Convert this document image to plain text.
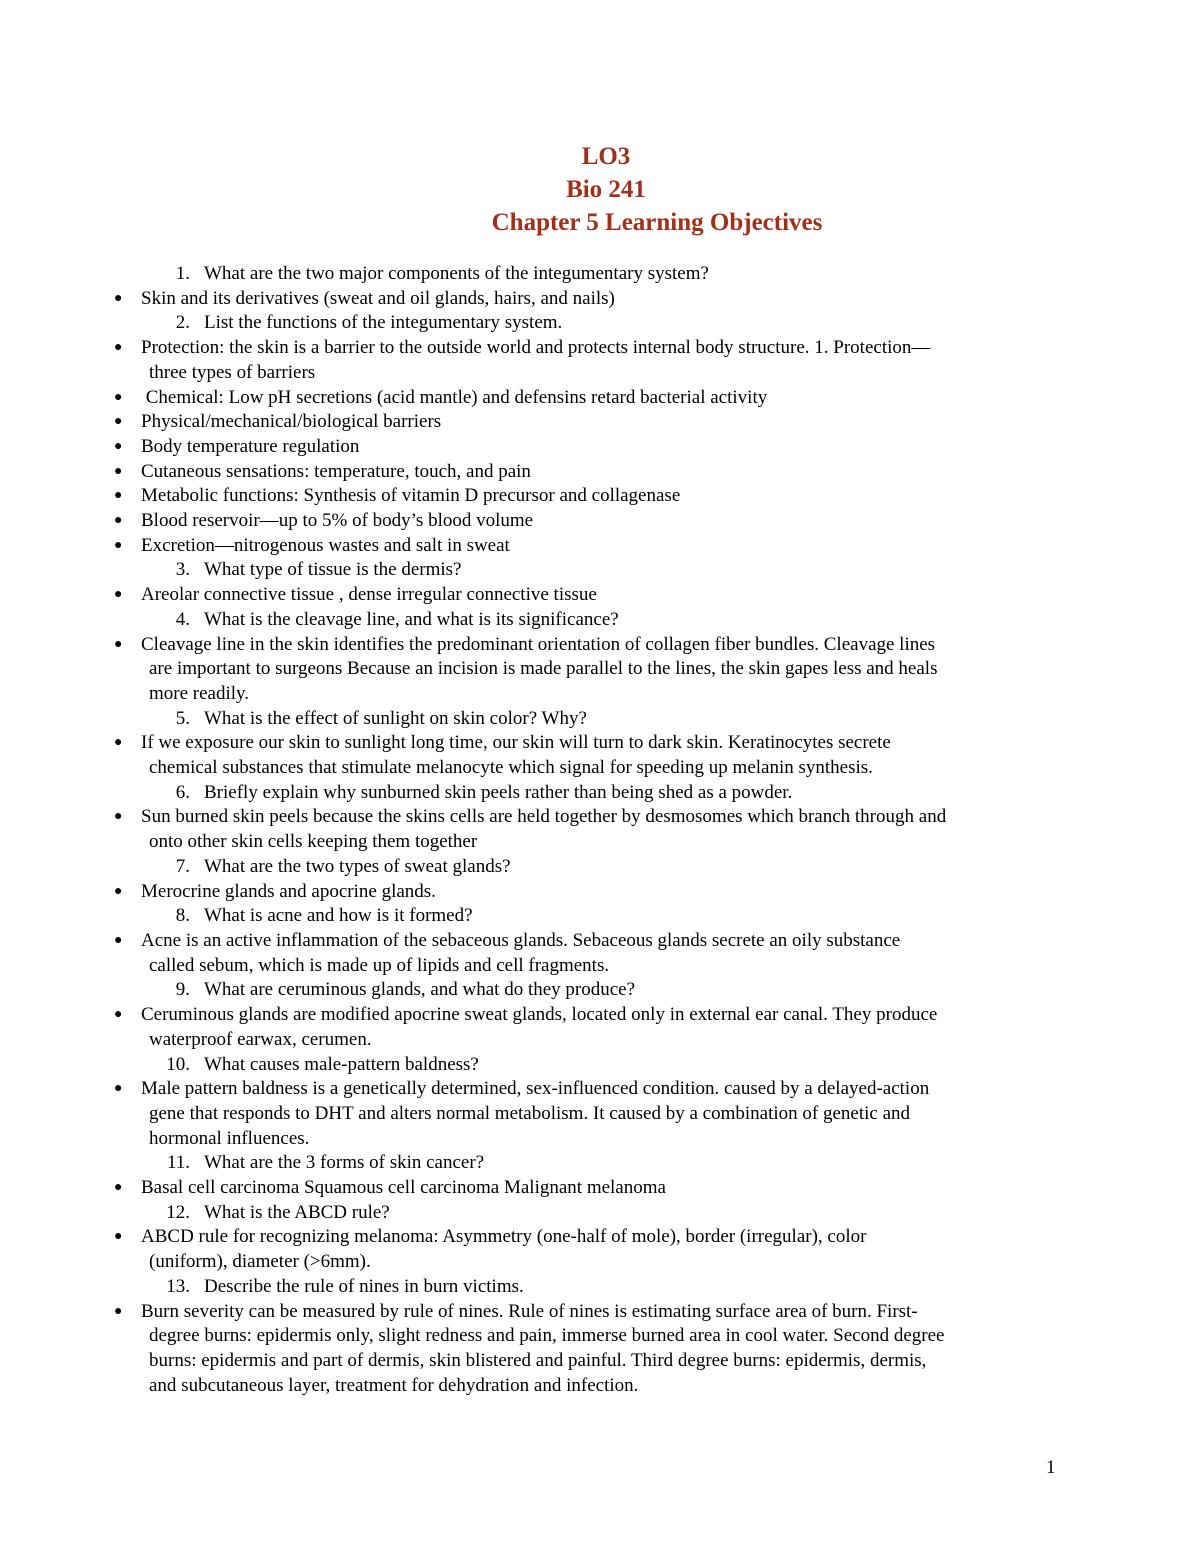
LO3
Bio 241
Chapter 5 Learning Objectives
1. What are the two major components of the integumentary system?
● Skin and its derivatives (sweat and oil glands, hairs, and nails)
2. List the functions of the integumentary system.
● Protection: the skin is a barrier to the outside world and protects internal body structure. 1. Protection—
three types of barriers
● Chemical: Low pH secretions (acid mantle) and defensins retard bacterial activity
● Physical/mechanical/biological barriers
● Body temperature regulation
● Cutaneous sensations: temperature, touch, and pain
● Metabolic functions: Synthesis of vitamin D precursor and collagenase
● Blood reservoir—up to 5% of body’s blood volume
● Excretion—nitrogenous wastes and salt in sweat
3. What type of tissue is the dermis?
● Areolar connective tissue , dense irregular connective tissue
4. What is the cleavage line, and what is its significance?
● Cleavage line in the skin identifies the predominant orientation of collagen fiber bundles. Cleavage lines
are important to surgeons Because an incision is made parallel to the lines, the skin gapes less and heals
more readily.
5. What is the effect of sunlight on skin color? Why?
● If we exposure our skin to sunlight long time, our skin will turn to dark skin. Keratinocytes secrete
chemical substances that stimulate melanocyte which signal for speeding up melanin synthesis.
6. Briefly explain why sunburned skin peels rather than being shed as a powder.
● Sun burned skin peels because the skins cells are held together by desmosomes which branch through and
onto other skin cells keeping them together
7. What are the two types of sweat glands?
● Merocrine glands and apocrine glands.
8. What is acne and how is it formed?
● Acne is an active inflammation of the sebaceous glands. Sebaceous glands secrete an oily substance
called sebum, which is made up of lipids and cell fragments.
9. What are ceruminous glands, and what do they produce?
● Ceruminous glands are modified apocrine sweat glands, located only in external ear canal. They produce
waterproof earwax, cerumen.
10. What causes male-pattern baldness?
● Male pattern baldness is a genetically determined, sex-influenced condition. caused by a delayed-action
gene that responds to DHT and alters normal metabolism. It caused by a combination of genetic and
hormonal influences.
11. What are the 3 forms of skin cancer?
● Basal cell carcinoma Squamous cell carcinoma Malignant melanoma
12. What is the ABCD rule?
● ABCD rule for recognizing melanoma: Asymmetry (one-half of mole), border (irregular), color
(uniform), diameter (>6mm).
13. Describe the rule of nines in burn victims.
● Burn severity can be measured by rule of nines. Rule of nines is estimating surface area of burn. First-
degree burns: epidermis only, slight redness and pain, immerse burned area in cool water. Second degree
burns: epidermis and part of dermis, skin blistered and painful. Third degree burns: epidermis, dermis,
and subcutaneous layer, treatment for dehydration and infection.
1
